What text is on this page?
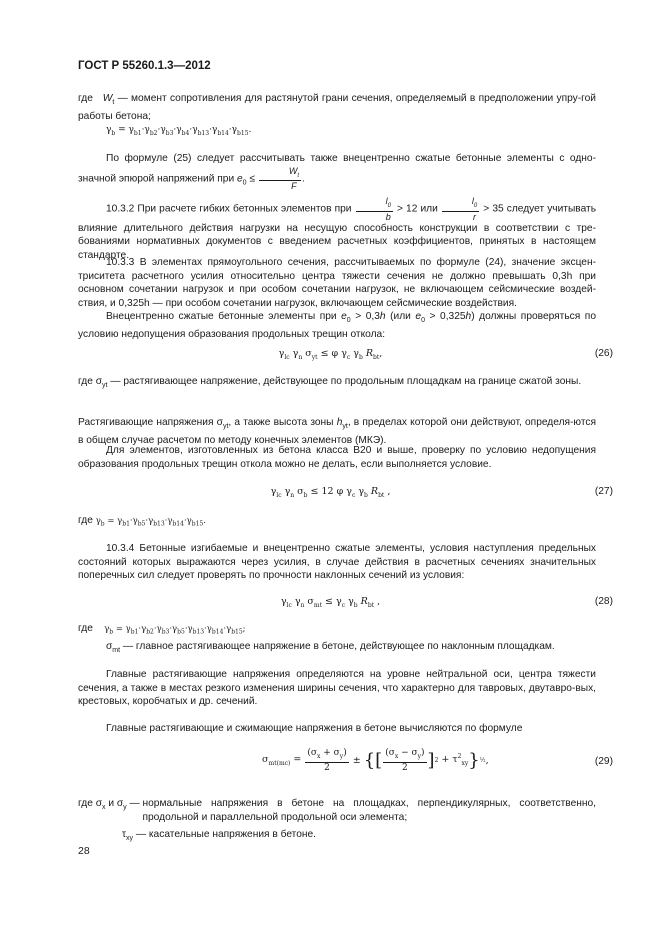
ГОСТ Р 55260.1.3—2012
где   $W_t$ — момент сопротивления для растянутой грани сечения, определяемый в предположении упру-гой работы бетона;
$\gamma_b = \gamma_{b1}\cdot\gamma_{b2}\cdot\gamma_{b3}\cdot\gamma_{b4}\cdot\gamma_{b13}\cdot\gamma_{b14}\cdot\gamma_{b15}$.
По формуле (25) следует рассчитывать также внецентренно сжатые бетонные элементы с одно-значной эпюрой напряжений при $e_0 \le \frac{W_t}{F}$ .
10.3.2 При расчете гибких бетонных элементов при $\frac{l_0}{b} > 12$ или $\frac{l_0}{r} > 35$ следует учитывать влияние длительного действия нагрузки на несущую способность конструкции в соответствии с тре-бованиями нормативных документов с введением расчетных коэффициентов, принятых в настоящем стандарте.
10.3.3 В элементах прямоугольного сечения, рассчитываемых по формуле (24), значение эксцен-триситета расчетного усилия относительно центра тяжести сечения не должно превышать 0,3h при основном сочетании нагрузок и при особом сочетании нагрузок, не включающем сейсмические воздей-ствия, и 0,325h — при особом сочетании нагрузок, включающем сейсмические воздействия.
Внецентренно сжатые бетонные элементы при $e_0 > 0,3h$ (или $e_0 > 0,325h$) должны проверяться по условию недопущения образования продольных трещин откола:
$\gamma_{lc}$ $\gamma_n$ $\sigma_{yt} \le \varphi$ $\gamma_c$ $\gamma_b$ $R_{bt}$,	(26)
где $\sigma_{yt}$ — растягивающее напряжение, действующее по продольным площадкам на границе сжатой зоны.
Растягивающие напряжения $\sigma_{yt}$, а также высота зоны $h_{yt}$, в пределах которой они действуют, определя-ются в общем случае расчетом по методу конечных элементов (МКЭ).
Для элементов, изготовленных из бетона класса В20 и выше, проверку по условию недопущения образования продольных трещин откола можно не делать, если выполняется условие.
$\gamma_{lc}$ $\gamma_n$ $\sigma_b \le 12$ φ $\gamma_c$ $\gamma_b$ $R_{bt}$ ,	(27)
где $\gamma_b = \gamma_{b1}\cdot\gamma_{b5}\cdot\gamma_{b13}\cdot\gamma_{b14}\cdot\gamma_{b15}$.
10.3.4 Бетонные изгибаемые и внецентренно сжатые элементы, условия наступления предельных состояний которых выражаются через усилия, в случае действия в расчетных сечениях значительных поперечных сил следует проверять по прочности наклонных сечений из условия:
$\gamma_{lc}$ $\gamma_n$ $\sigma_{mt} \le \gamma_c$ $\gamma_b$ $R_{bt}$ ,	(28)
где    $\gamma_b = \gamma_{b1}\cdot\gamma_{b2}\cdot\gamma_{b3}\cdot\gamma_{b5}\cdot\gamma_{b13}\cdot\gamma_{b14}\cdot\gamma_{b15}$;
$\sigma_{mt}$ — главное растягивающее напряжение в бетоне, действующее по наклонным площадкам.
Главные растягивающие напряжения определяются на уровне нейтральной оси, центра тяжести сечения, а также в местах резкого изменения ширины сечения, что характерно для тавровых, двутавро-вых, крестовых, коробчатых и др. сечений.
Главные растягивающие и сжимающие напряжения в бетоне вычисляются по формуле
$\sigma_{mt(mc)} = \frac{(\sigma_x + \sigma_y)}{2}$ ± { [ $\frac{(\sigma_x - \sigma_y)}{2}$ ] $2 + \tau^2_{xy}$ } ½ ,	(29)
где $\sigma_x$ и $\sigma_y$ — нормальные напряжения в бетоне на площадках, перпендикулярных, соответственно, продольной и параллельной продольной оси элемента;
$\tau_{xy}$ — касательные напряжения в бетоне.
28
